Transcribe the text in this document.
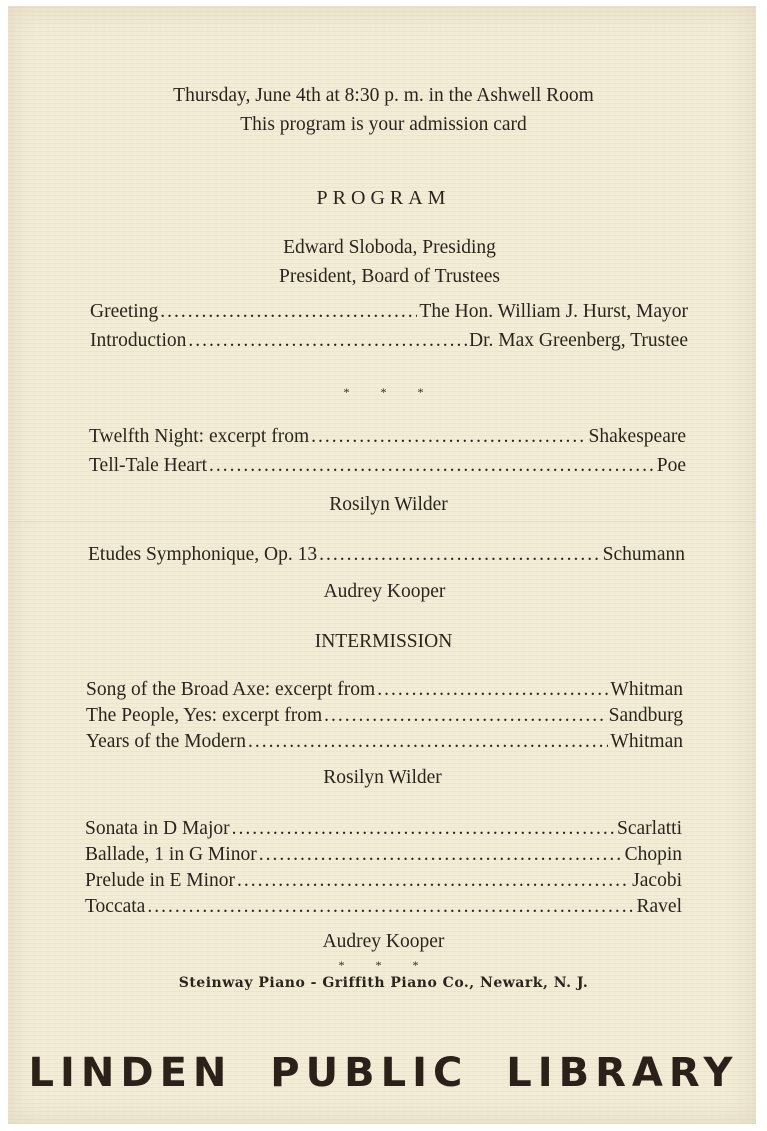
Thursday, June 4th at 8:30 p. m. in the Ashwell Room
This program is your admission card
PROGRAM
Edward Sloboda, Presiding
President, Board of Trustees
Greeting .....	The Hon. William J. Hurst, Mayor
Introduction .....	Dr. Max Greenberg, Trustee
* * *
Twelfth Night: excerpt from .....	Shakespeare
Tell-Tale Heart .....	Poe
Rosilyn Wilder
Etudes Symphonique, Op. 13 .....	Schumann
Audrey Kooper
INTERMISSION
Song of the Broad Axe: excerpt from .....	Whitman
The People, Yes: excerpt from .....	Sandburg
Years of the Modern .....	Whitman
Rosilyn Wilder
Sonata in D Major .....	Scarlatti
Ballade, 1 in G Minor .....	Chopin
Prelude in E Minor .....	Jacobi
Toccata .....	Ravel
Audrey Kooper
* * *
Steinway Piano - Griffith Piano Co., Newark, N. J.
LINDEN PUBLIC LIBRARY
